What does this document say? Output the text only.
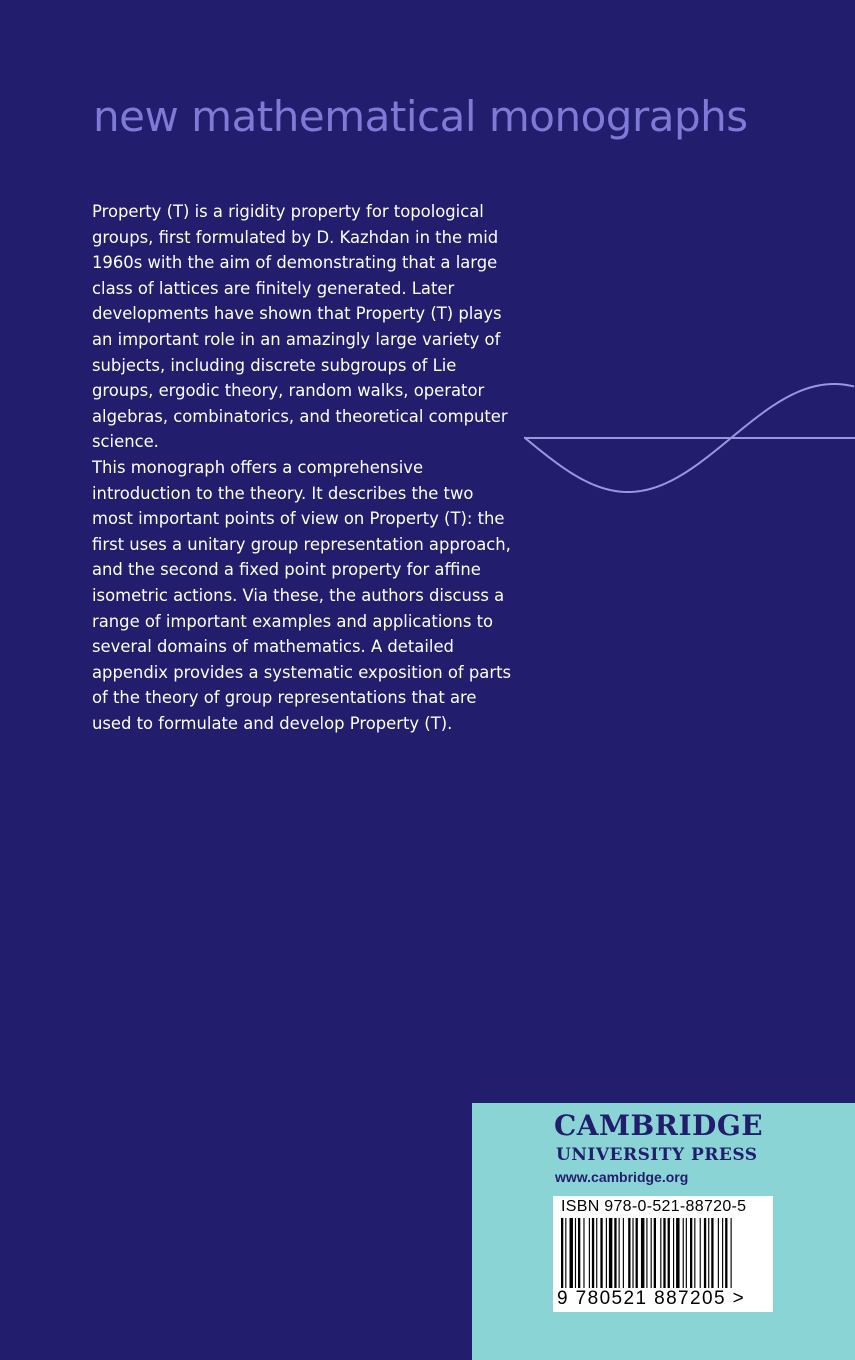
new mathematical monographs

Property (T) is a rigidity property for topological groups, first formulated by D. Kazhdan in the mid 1960s with the aim of demonstrating that a large class of lattices are finitely generated. Later developments have shown that Property (T) plays an important role in an amazingly large variety of subjects, including discrete subgroups of Lie groups, ergodic theory, random walks, operator algebras, combinatorics, and theoretical computer science.

This monograph offers a comprehensive introduction to the theory. It describes the two most important points of view on Property (T): the first uses a unitary group representation approach, and the second a fixed point property for affine isometric actions. Via these, the authors discuss a range of important examples and applications to several domains of mathematics. A detailed appendix provides a systematic exposition of parts of the theory of group representations that are used to formulate and develop Property (T).

CAMBRIDGE
UNIVERSITY PRESS
www.cambridge.org
ISBN 978-0-521-88720-5
9 780521 887205 >
